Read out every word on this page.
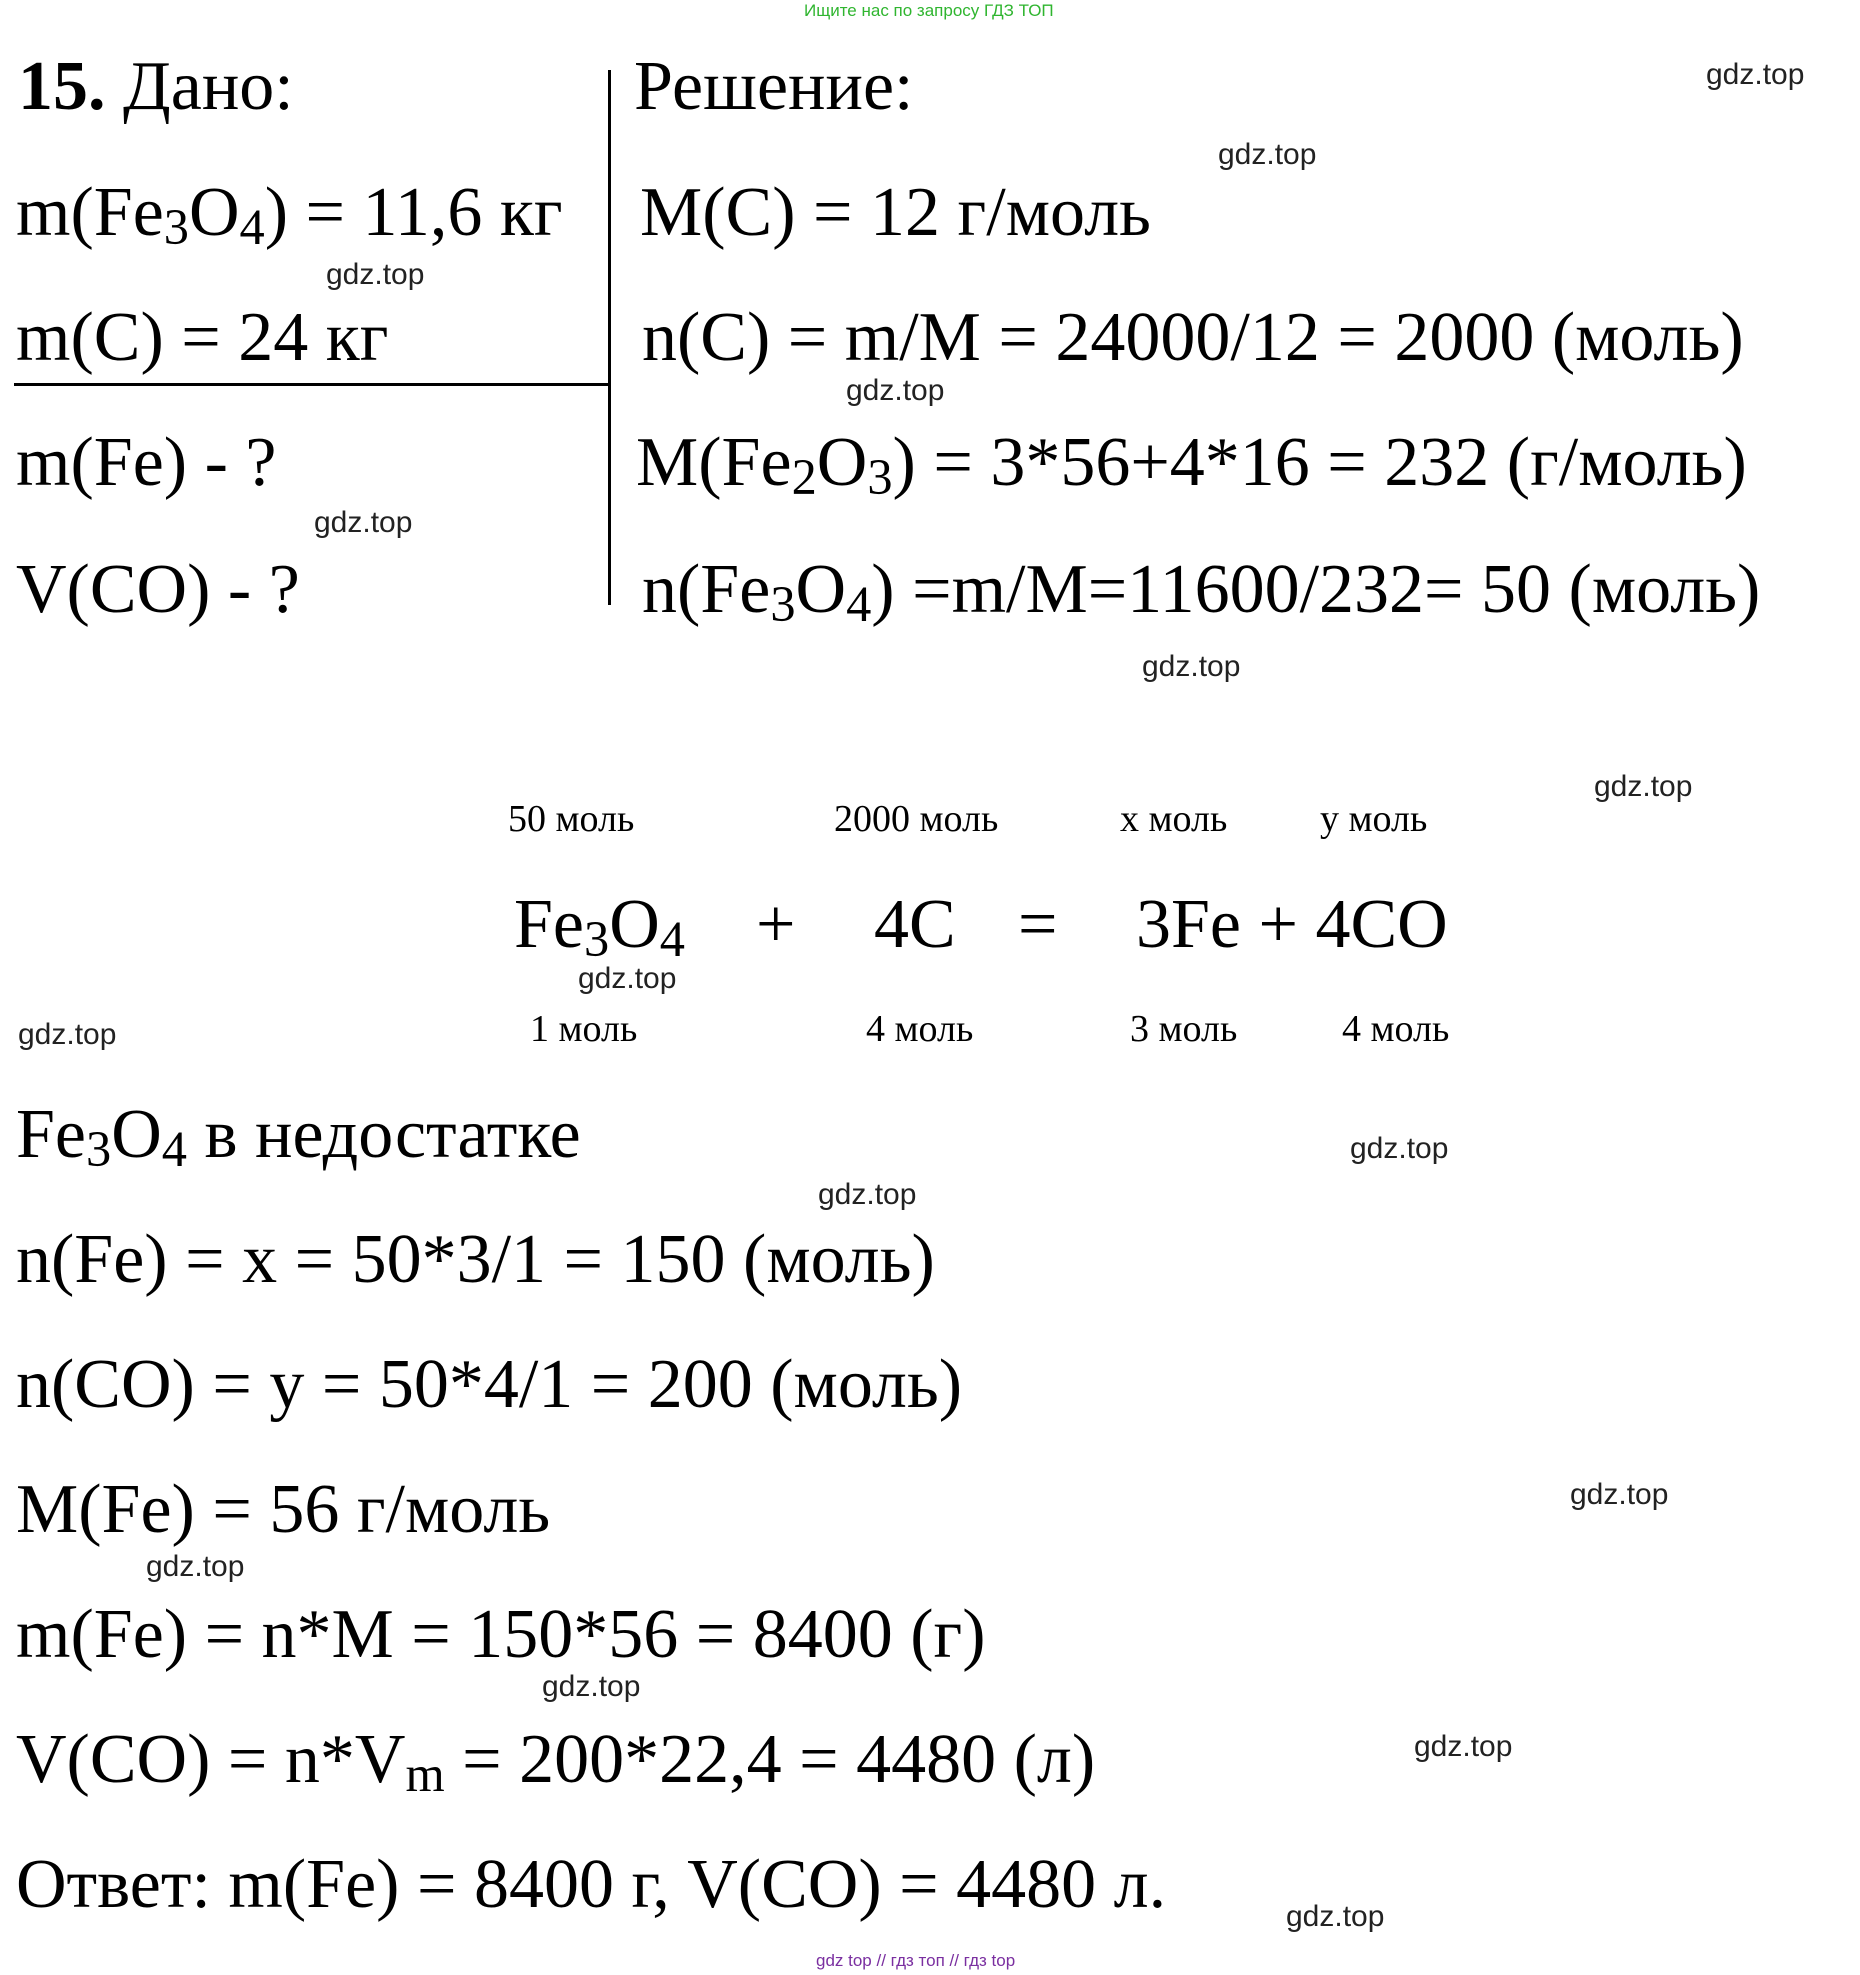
Ищите нас по запросу ГДЗ ТОП
15. Дано:	Решение:
$m(Fe_3O_4) = 11,6$ кг
m(C) = 24 кг
m(Fe) - ?
V(CO) - ?
M(C) = 12 г/моль
n(C) = m/M = 24000/12 = 2000 (моль)
$M(Fe_2O_3) = 3*56+4*16 = 232$ (г/моль)
$n(Fe_3O_4) =m/M=11600/232= 50$ (моль)
50 моль	2000 моль	x моль y моль
$Fe_3O_4 + 4C = 3Fe + 4CO$
1 моль	4 моль	3 моль	4 моль
$Fe_3O_4$ в недостатке
n(Fe) = x = 50*3/1 = 150 (моль)
n(CO) = y = 50*4/1 = 200 (моль)
M(Fe) = 56 г/моль
m(Fe) = n*M = 150*56 = 8400 (г)
$V(CO) = n*V_m = 200*22,4 = 4480$ (л)
Ответ: m(Fe) = 8400 г, V(CO) = 4480 л.
gdz.top
gdz.top
gdz.top
gdz.top
gdz.top
gdz.top
gdz.top
gdz.top
gdz.top
gdz.top
gdz.top
gdz.top
gdz.top
gdz.top
gdz.top
gdz.top
gdz top // гдз топ // гдз top
